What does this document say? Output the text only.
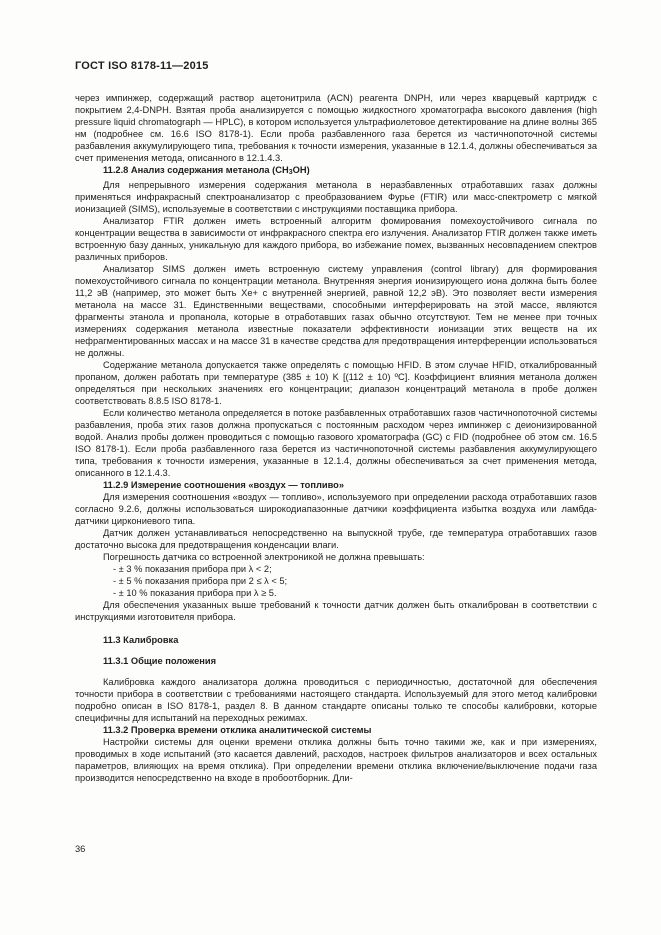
ГОСТ ISO 8178-11—2015

через импинжер, содержащий раствор ацетонитрила (ACN) реагента DNPH, или через кварцевый картридж с покрытием 2,4-DNPH. Взятая проба анализируется с помощью жидкостного хроматографа высокого давления (high pressure liquid chromatograph — HPLC), в котором используется ультрафиолетовое детектирование на длине волны 365 нм (подробнее см. 16.6 ISO 8178-1). Если проба разбавленного газа берется из частичнопоточной системы разбавления аккумулирующего типа, требования к точности измерения, указанные в 12.1.4, должны обеспечиваться за счет применения метода, описанного в 12.1.4.3.

11.2.8 Анализ содержания метанола (CH3OH)

Для непрерывного измерения содержания метанола в неразбавленных отработавших газах должны применяться инфракрасный спектроанализатор с преобразованием Фурье (FTIR) или масс-спектрометр с мягкой ионизацией (SIMS), используемые в соответствии с инструкциями поставщика прибора.

Анализатор FTIR должен иметь встроенный алгоритм фомирования помехоустойчивого сигнала по концентрации вещества в зависимости от инфракрасного спектра его излучения. Анализатор FTIR должен также иметь встроенную базу данных, уникальную для каждого прибора, во избежание помех, вызванных несовпадением спектров различных приборов.

Анализатор SIMS должен иметь встроенную систему управления (control library) для формирования помехоустойчивого сигнала по концентрации метанола. Внутренняя энергия ионизирующего иона должна быть более 11,2 эВ (например, это может быть Xe+ с внутренней энергией, равной 12,2 эВ). Это позволяет вести измерения метанола на массе 31. Единственными веществами, способными интерферировать на этой массе, являются фрагменты этанола и пропанола, которые в отработавших газах обычно отсутствуют. Тем не менее при точных измерениях содержания метанола известные показатели эффективности ионизации этих веществ на их нефрагментированных массах и на массе 31 в качестве средства для предотвращения интерференции использоваться не должны.

Содержание метанола допускается также определять с помощью HFID. В этом случае HFID, откалиброванный пропаном, должен работать при температуре (385 ± 10) K [(112 ± 10) ºC]. Коэффициент влияния метанола должен определяться при нескольких значениях его концентрации; диапазон концентраций метанола в пробе должен соответствовать 8.8.5 ISO 8178-1.

Если количество метанола определяется в потоке разбавленных отработавших газов частичнопоточной системы разбавления, проба этих газов должна пропускаться с постоянным расходом через импинжер с деионизированной водой. Анализ пробы должен проводиться с помощью газового хроматографа (GC) с FID (подробнее об этом см. 16.5 ISO 8178-1). Если проба разбавленного газа берется из частичнопоточной системы разбавления аккумулирующего типа, требования к точности измерения, указанные в 12.1.4, должны обеспечиваться за счет применения метода, описанного в 12.1.4.3.

11.2.9 Измерение соотношения «воздух — топливо»

Для измерения соотношения «воздух — топливо», используемого при определении расхода отработавших газов согласно 9.2.6, должны использоваться широкодиапазонные датчики коэффициента избытка воздуха или ламбда-датчики циркониевого типа.

Датчик должен устанавливаться непосредственно на выпускной трубе, где температура отработавших газов достаточно высока для предотвращения конденсации влаги.

Погрешность датчика со встроенной электроникой не должна превышать:

- ± 3 % показания прибора при λ < 2;

- ± 5 % показания прибора при 2 ≤ λ < 5;

- ± 10 % показания прибора при λ ≥ 5.

Для обеспечения указанных выше требований к точности датчик должен быть откалиброван в соответствии с инструкциями изготовителя прибора.

11.3 Калибровка

11.3.1 Общие положения

Калибровка каждого анализатора должна проводиться с периодичностью, достаточной для обеспечения точности прибора в соответствии с требованиями настоящего стандарта. Используемый для этого метод калибровки подробно описан в ISO 8178-1, раздел 8. В данном стандарте описаны только те способы калибровки, которые специфичны для испытаний на переходных режимах.

11.3.2 Проверка времени отклика аналитической системы

Настройки системы для оценки времени отклика должны быть точно такими же, как и при измерениях, проводимых в ходе испытаний (это касается давлений, расходов, настроек фильтров анализаторов и всех остальных параметров, влияющих на время отклика). При определении времени отклика включение/выключение подачи газа производится непосредственно на входе в пробоотборник. Дли-

36
